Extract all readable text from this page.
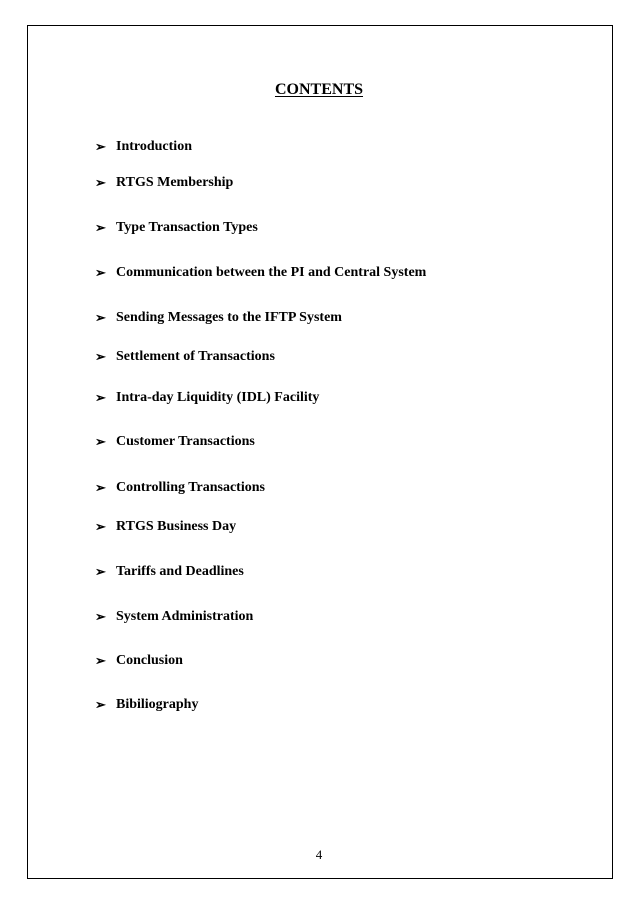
CONTENTS
➢ Introduction
➢ RTGS Membership
➢ Type Transaction Types
➢ Communication between the PI and Central System
➢ Sending Messages to the IFTP System
➢ Settlement of Transactions
➢ Intra-day Liquidity (IDL) Facility
➢ Customer Transactions
➢ Controlling Transactions
➢ RTGS Business Day
➢ Tariffs and Deadlines
➢ System Administration
➢ Conclusion
➢ Bibiliography
4
